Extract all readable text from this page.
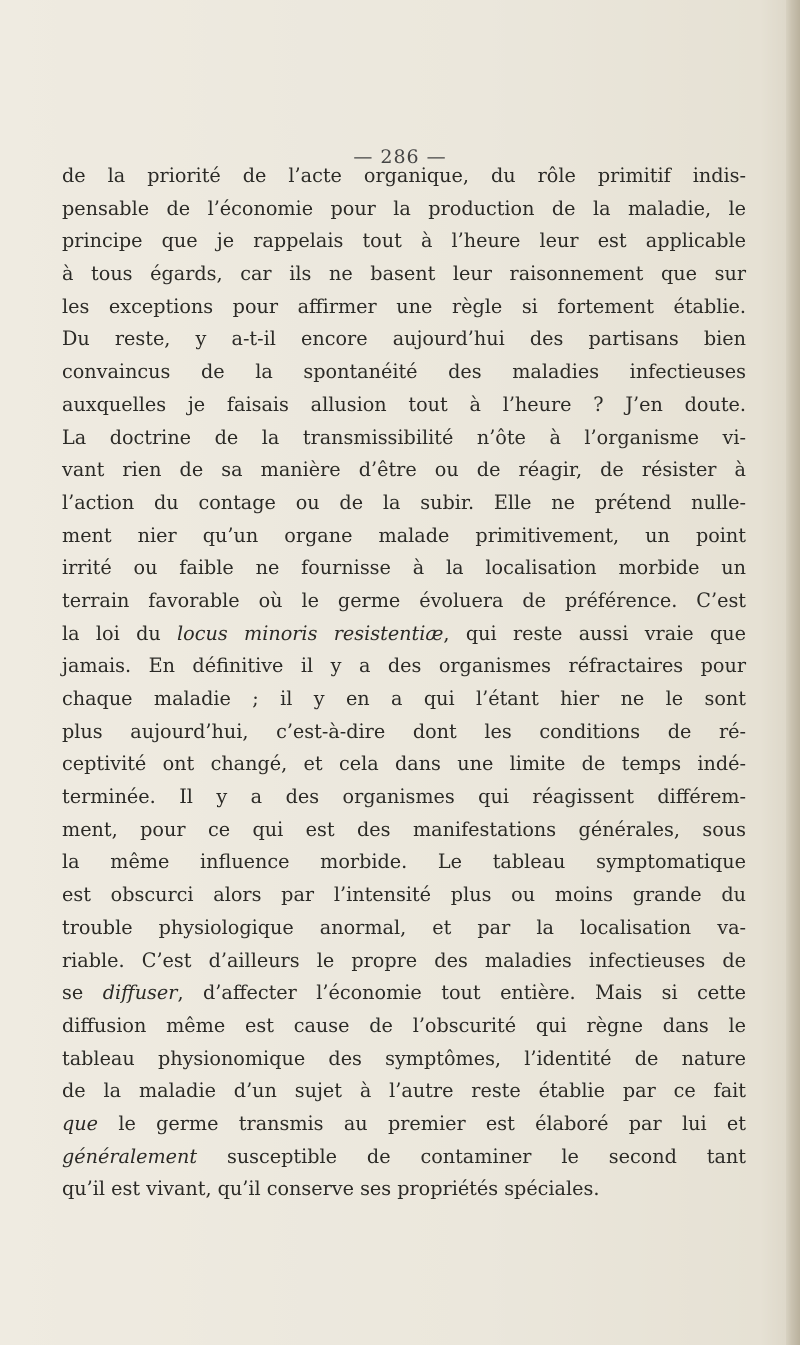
— 286 —
de la priorité de l’acte organique, du rôle primitif indis-
pensable de l’économie pour la production de la maladie, le
principe que je rappelais tout à l’heure leur est applicable
à tous égards, car ils ne basent leur raisonnement que sur
les exceptions pour affirmer une règle si fortement établie.
Du reste, y a-t-il encore aujourd’hui des partisans bien
convaincus de la spontanéité des maladies infectieuses
auxquelles je faisais allusion tout à l’heure ? J’en doute.
La doctrine de la transmissibilité n’ôte à l’organisme vi-
vant rien de sa manière d’être ou de réagir, de résister à
l’action du contage ou de la subir. Elle ne prétend nulle-
ment nier qu’un organe malade primitivement, un point
irrité ou faible ne fournisse à la localisation morbide un
terrain favorable où le germe évoluera de préférence. C’est
la loi du locus minoris resistentiæ, qui reste aussi vraie que
jamais. En définitive il y a des organismes réfractaires pour
chaque maladie ; il y en a qui l’étant hier ne le sont
plus aujourd’hui, c’est-à-dire dont les conditions de ré-
ceptivité ont changé, et cela dans une limite de temps indé-
terminée. Il y a des organismes qui réagissent différem-
ment, pour ce qui est des manifestations générales, sous
la même influence morbide. Le tableau symptomatique
est obscurci alors par l’intensité plus ou moins grande du
trouble physiologique anormal, et par la localisation va-
riable. C’est d’ailleurs le propre des maladies infectieuses de
se diffuser, d’affecter l’économie tout entière. Mais si cette
diffusion même est cause de l’obscurité qui règne dans le
tableau physionomique des symptômes, l’identité de nature
de la maladie d’un sujet à l’autre reste établie par ce fait
que le germe transmis au premier est élaboré par lui et
généralement susceptible de contaminer le second tant
qu’il est vivant, qu’il conserve ses propriétés spéciales.
